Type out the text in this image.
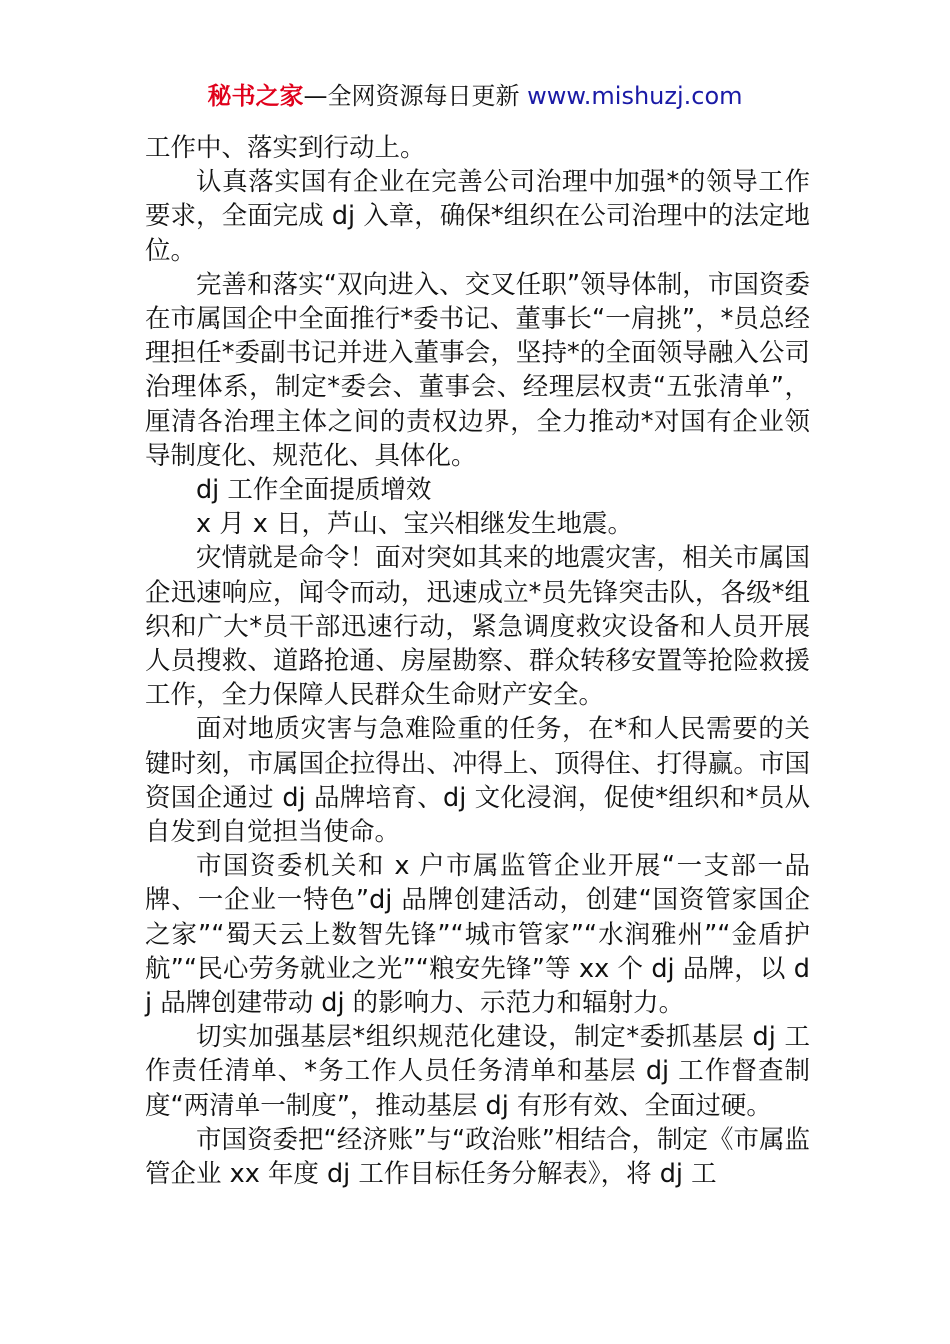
秘书之家—全网资源每日更新 www.mishuzj.com

工作中、落实到行动上。

认真落实国有企业在完善公司治理中加强*的领导工作要求，全面完成 dj 入章，确保*组织在公司治理中的法定地位。

完善和落实“双向进入、交叉任职”领导体制，市国资委在市属国企中全面推行*委书记、董事长“一肩挑”，*员总经理担任*委副书记并进入董事会，坚持*的全面领导融入公司治理体系，制定*委会、董事会、经理层权责“五张清单”，厘清各治理主体之间的责权边界，全力推动*对国有企业领导制度化、规范化、具体化。

dj 工作全面提质增效

x 月 x 日，芦山、宝兴相继发生地震。

灾情就是命令！面对突如其来的地震灾害，相关市属国企迅速响应，闻令而动，迅速成立*员先锋突击队，各级*组织和广大*员干部迅速行动，紧急调度救灾设备和人员开展人员搜救、道路抢通、房屋勘察、群众转移安置等抢险救援工作，全力保障人民群众生命财产安全。

面对地质灾害与急难险重的任务，在*和人民需要的关键时刻，市属国企拉得出、冲得上、顶得住、打得赢。市国资国企通过 dj 品牌培育、dj 文化浸润，促使*组织和*员从自发到自觉担当使命。

市国资委机关和 x 户市属监管企业开展“一支部一品牌、一企业一特色”dj 品牌创建活动，创建“国资管家国企之家”“蜀天云上数智先锋”“城市管家”“水润雅州”“金盾护航”“民心劳务就业之光”“粮安先锋”等 xx 个 dj 品牌，以 dj 品牌创建带动 dj 的影响力、示范力和辐射力。

切实加强基层*组织规范化建设，制定*委抓基层 dj 工作责任清单、*务工作人员任务清单和基层 dj 工作督查制度“两清单一制度”，推动基层 dj 有形有效、全面过硬。

市国资委把“经济账”与“政治账”相结合，制定《市属监管企业 xx 年度 dj 工作目标任务分解表》，将 dj 工
